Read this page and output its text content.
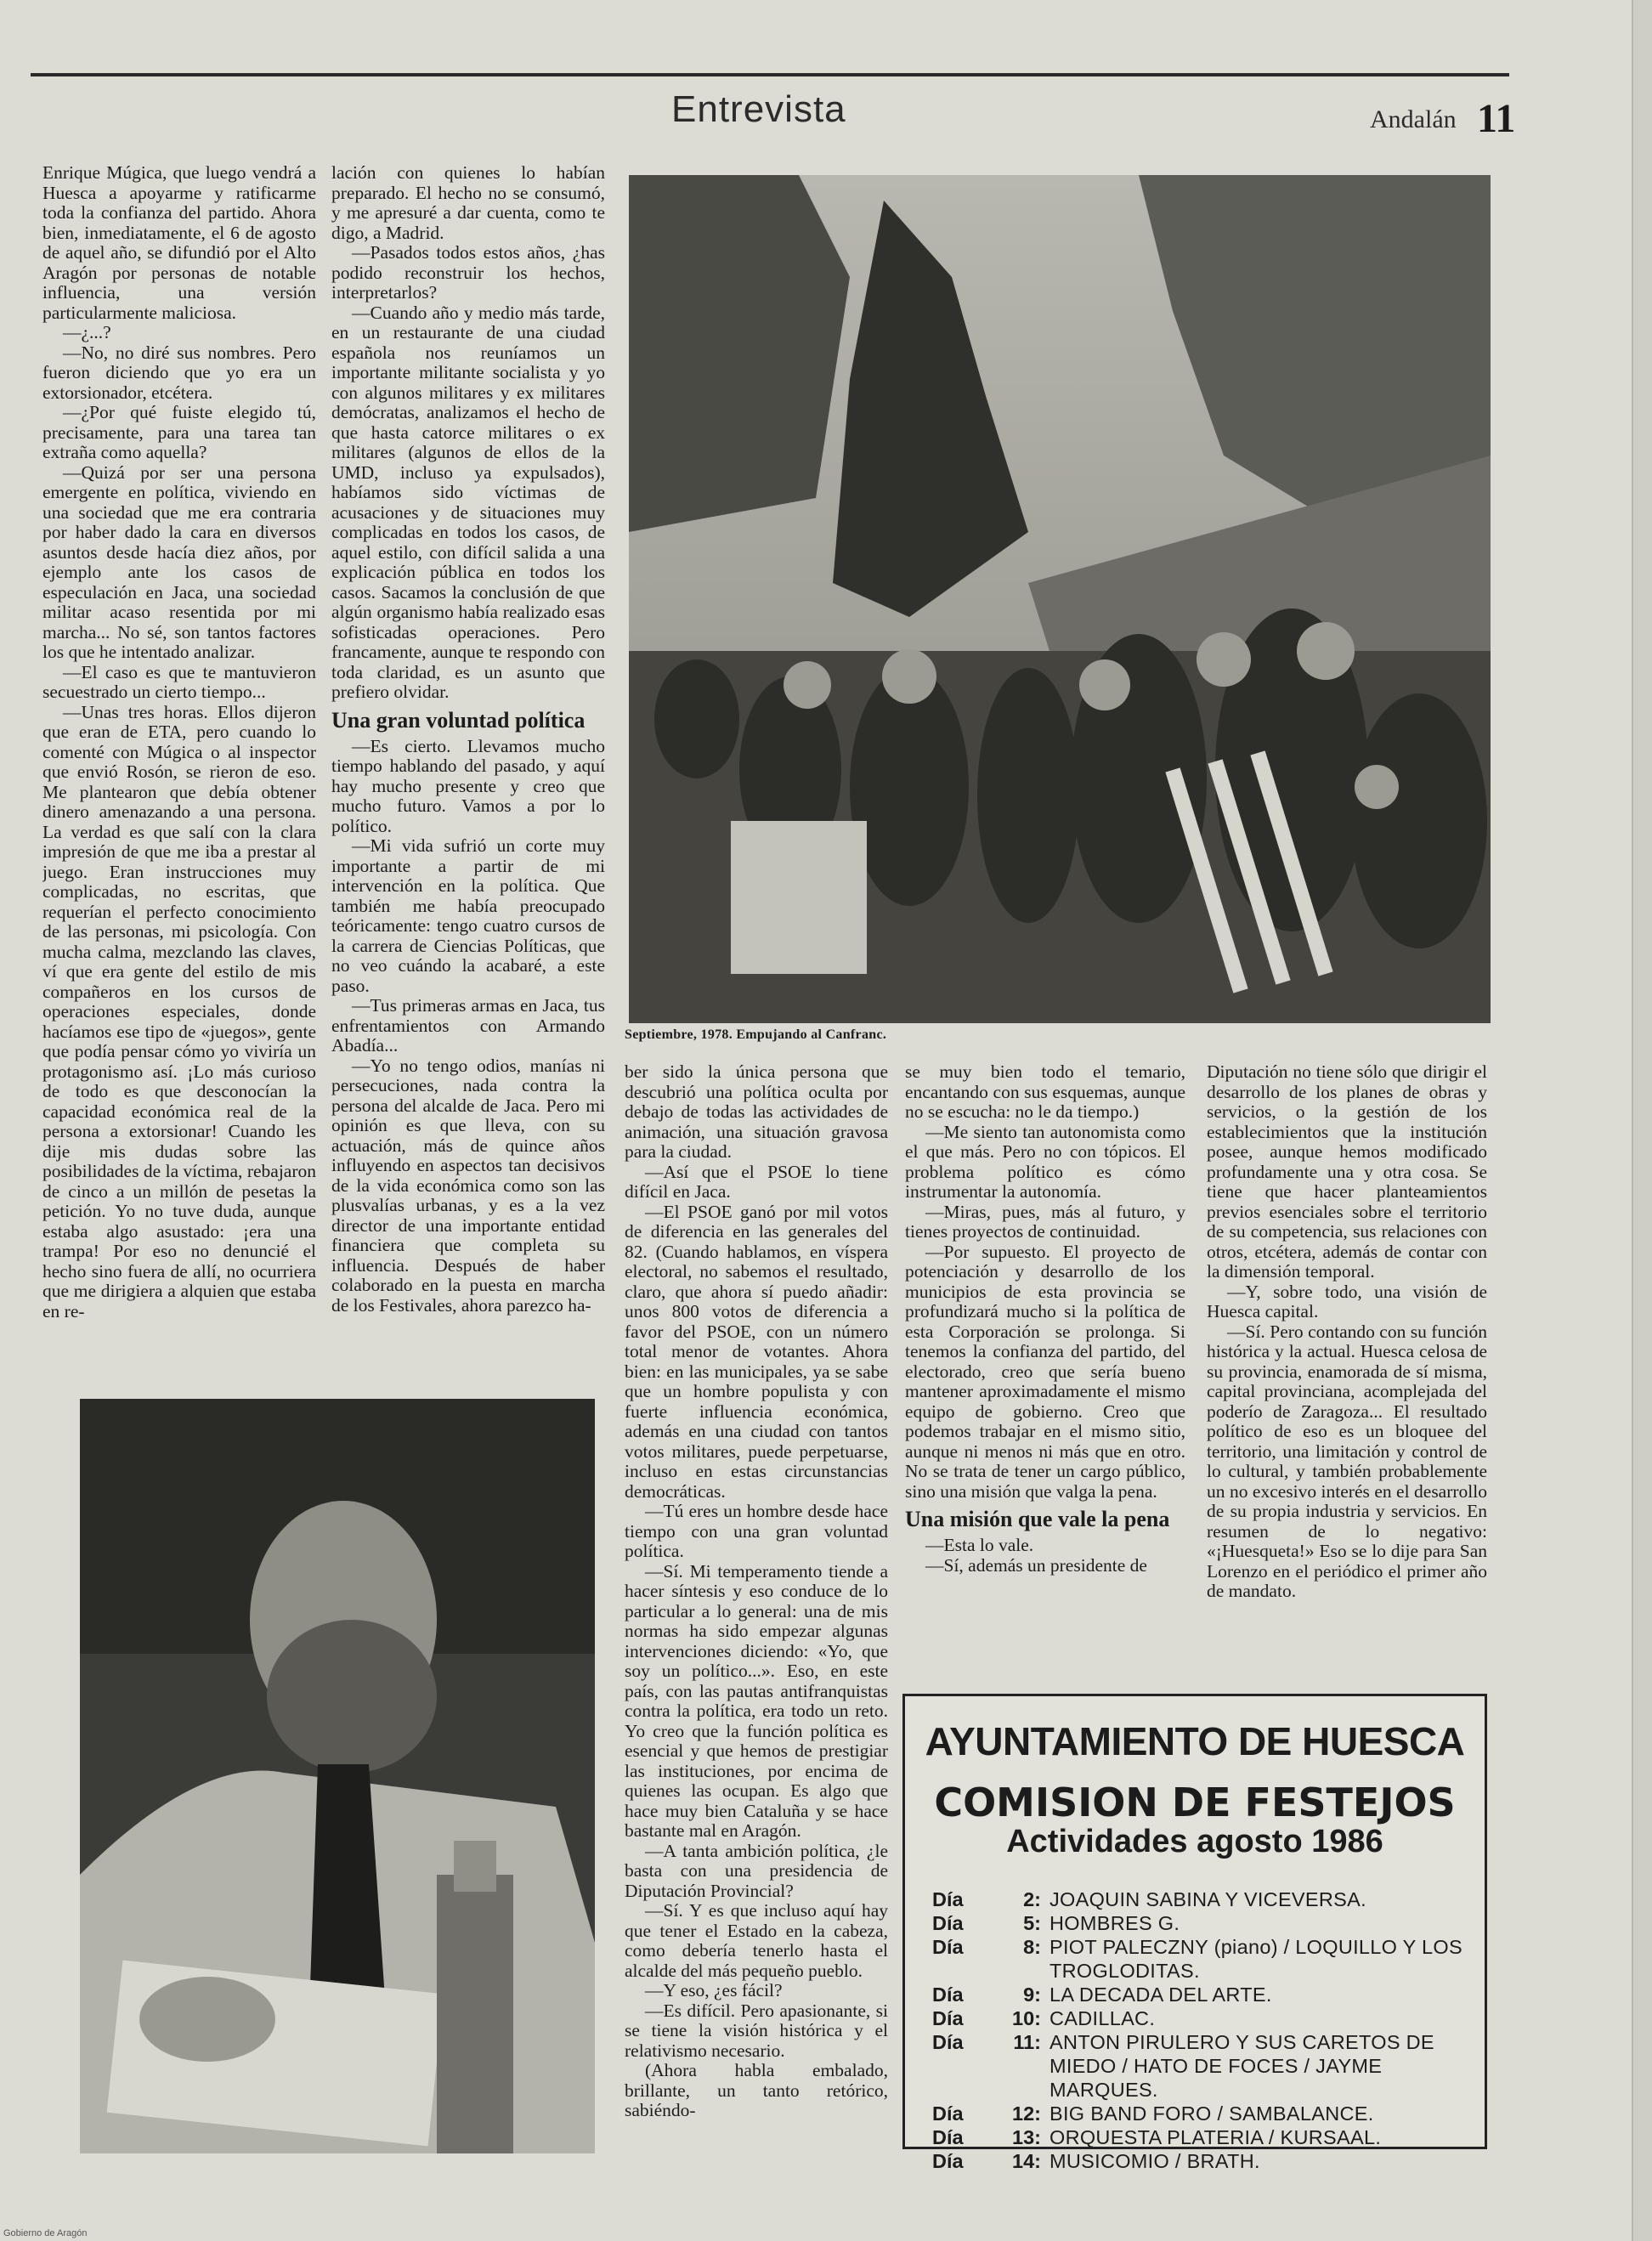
Entrevista	Andalán 11

Enrique Múgica, que luego vendrá a Huesca a apoyarme y ratificarme toda la confianza del partido. Ahora bien, inmediatamente, el 6 de agosto de aquel año, se difundió por el Alto Aragón por personas de notable influencia, una versión particularmente maliciosa.

—¿...?

—No, no diré sus nombres. Pero fueron diciendo que yo era un extorsionador, etcétera.

—¿Por qué fuiste elegido tú, precisamente, para una tarea tan extraña como aquella?

—Quizá por ser una persona emergente en política, viviendo en una sociedad que me era contraria por haber dado la cara en diversos asuntos desde hacía diez años, por ejemplo ante los casos de especulación en Jaca, una sociedad militar acaso resentida por mi marcha... No sé, son tantos factores los que he intentado analizar.

—El caso es que te mantuvieron secuestrado un cierto tiempo...

—Unas tres horas. Ellos dijeron que eran de ETA, pero cuando lo comenté con Múgica o al inspector que envió Rosón, se rieron de eso. Me plantearon que debía obtener dinero amenazando a una persona. La verdad es que salí con la clara impresión de que me iba a prestar al juego. Eran instrucciones muy complicadas, no escritas, que requerían el perfecto conocimiento de las personas, mi psicología. Con mucha calma, mezclando las claves, ví que era gente del estilo de mis compañeros en los cursos de operaciones especiales, donde hacíamos ese tipo de «juegos», gente que podía pensar cómo yo viviría un protagonismo así. ¡Lo más curioso de todo es que desconocían la capacidad económica real de la persona a extorsionar! Cuando les dije mis dudas sobre las posibilidades de la víctima, rebajaron de cinco a un millón de pesetas la petición. Yo no tuve duda, aunque estaba algo asustado: ¡era una trampa! Por eso no denuncié el hecho sino fuera de allí, no ocurriera que me dirigiera a alquien que estaba en re-

lación con quienes lo habían preparado. El hecho no se consumó, y me apresuré a dar cuenta, como te digo, a Madrid.

—Pasados todos estos años, ¿has podido reconstruir los hechos, interpretarlos?

—Cuando año y medio más tarde, en un restaurante de una ciudad española nos reuníamos un importante militante socialista y yo con algunos militares y ex militares demócratas, analizamos el hecho de que hasta catorce militares o ex militares (algunos de ellos de la UMD, incluso ya expulsados), habíamos sido víctimas de acusaciones y de situaciones muy complicadas en todos los casos, de aquel estilo, con difícil salida a una explicación pública en todos los casos. Sacamos la conclusión de que algún organismo había realizado esas sofisticadas operaciones. Pero francamente, aunque te respondo con toda claridad, es un asunto que prefiero olvidar.

Una gran voluntad política

—Es cierto. Llevamos mucho tiempo hablando del pasado, y aquí hay mucho presente y creo que mucho futuro. Vamos a por lo político.

—Mi vida sufrió un corte muy importante a partir de mi intervención en la política. Que también me había preocupado teóricamente: tengo cuatro cursos de la carrera de Ciencias Políticas, que no veo cuándo la acabaré, a este paso.

—Tus primeras armas en Jaca, tus enfrentamientos con Armando Abadía...

—Yo no tengo odios, manías ni persecuciones, nada contra la persona del alcalde de Jaca. Pero mi opinión es que lleva, con su actuación, más de quince años influyendo en aspectos tan decisivos de la vida económica como son las plusvalías urbanas, y es a la vez director de una importante entidad financiera que completa su influencia. Después de haber colaborado en la puesta en marcha de los Festivales, ahora parezco ha-

Septiembre, 1978. Empujando al Canfranc.

ber sido la única persona que descubrió una política oculta por debajo de todas las actividades de animación, una situación gravosa para la ciudad.

—Así que el PSOE lo tiene difícil en Jaca.

—El PSOE ganó por mil votos de diferencia en las generales del 82. (Cuando hablamos, en víspera electoral, no sabemos el resultado, claro, que ahora sí puedo añadir: unos 800 votos de diferencia a favor del PSOE, con un número total menor de votantes. Ahora bien: en las municipales, ya se sabe que un hombre populista y con fuerte influencia económica, además en una ciudad con tantos votos militares, puede perpetuarse, incluso en estas circunstancias democráticas.

—Tú eres un hombre desde hace tiempo con una gran voluntad política.

—Sí. Mi temperamento tiende a hacer síntesis y eso conduce de lo particular a lo general: una de mis normas ha sido empezar algunas intervenciones diciendo: «Yo, que soy un político...». Eso, en este país, con las pautas antifranquistas contra la política, era todo un reto. Yo creo que la función política es esencial y que hemos de prestigiar las instituciones, por encima de quienes las ocupan. Es algo que hace muy bien Cataluña y se hace bastante mal en Aragón.

—A tanta ambición política, ¿le basta con una presidencia de Diputación Provincial?

—Sí. Y es que incluso aquí hay que tener el Estado en la cabeza, como debería tenerlo hasta el alcalde del más pequeño pueblo.

—Y eso, ¿es fácil?

—Es difícil. Pero apasionante, si se tiene la visión histórica y el relativismo necesario.

(Ahora habla embalado, brillante, un tanto retórico, sabiéndo-

se muy bien todo el temario, encantando con sus esquemas, aunque no se escucha: no le da tiempo.)

—Me siento tan autonomista como el que más. Pero no con tópicos. El problema político es cómo instrumentar la autonomía.

—Miras, pues, más al futuro, y tienes proyectos de continuidad.

—Por supuesto. El proyecto de potenciación y desarrollo de los municipios de esta provincia se profundizará mucho si la política de esta Corporación se prolonga. Si tenemos la confianza del partido, del electorado, creo que sería bueno mantener aproximadamente el mismo equipo de gobierno. Creo que podemos trabajar en el mismo sitio, aunque ni menos ni más que en otro. No se trata de tener un cargo público, sino una misión que valga la pena.

Una misión que vale la pena

—Esta lo vale.

—Sí, además un presidente de

Diputación no tiene sólo que dirigir el desarrollo de los planes de obras y servicios, o la gestión de los establecimientos que la institución posee, aunque hemos modificado profundamente una y otra cosa. Se tiene que hacer planteamientos previos esenciales sobre el territorio de su competencia, sus relaciones con otros, etcétera, además de contar con la dimensión temporal.

—Y, sobre todo, una visión de Huesca capital.

—Sí. Pero contando con su función histórica y la actual. Huesca celosa de su provincia, enamorada de sí misma, capital provinciana, acomplejada del poderío de Zaragoza... El resultado político de eso es un bloquee del territorio, una limitación y control de lo cultural, y también probablemente un no excesivo interés en el desarrollo de su propia industria y servicios. En resumen de lo negativo: «¡Huesqueta!» Eso se lo dije para San Lorenzo en el periódico el primer año de mandato.

AYUNTAMIENTO DE HUESCA
COMISION DE FESTEJOS
Actividades agosto 1986
Día	2: JOAQUIN SABINA Y VICEVERSA.
Día	5: HOMBRES G.
Día	8: PIOT PALECZNY (piano) / LOQUILLO Y LOS TROGLODITAS.
Día	9: LA DECADA DEL ARTE.
Día	10: CADILLAC.
Día	11: ANTON PIRULERO Y SUS CARETOS DE MIEDO / HATO DE FOCES / JAYME MARQUES.
Día	12: BIG BAND FORO / SAMBALANCE.
Día	13: ORQUESTA PLATERIA / KURSAAL.
Día	14: MUSICOMIO / BRATH.
Gobierno de Aragón
